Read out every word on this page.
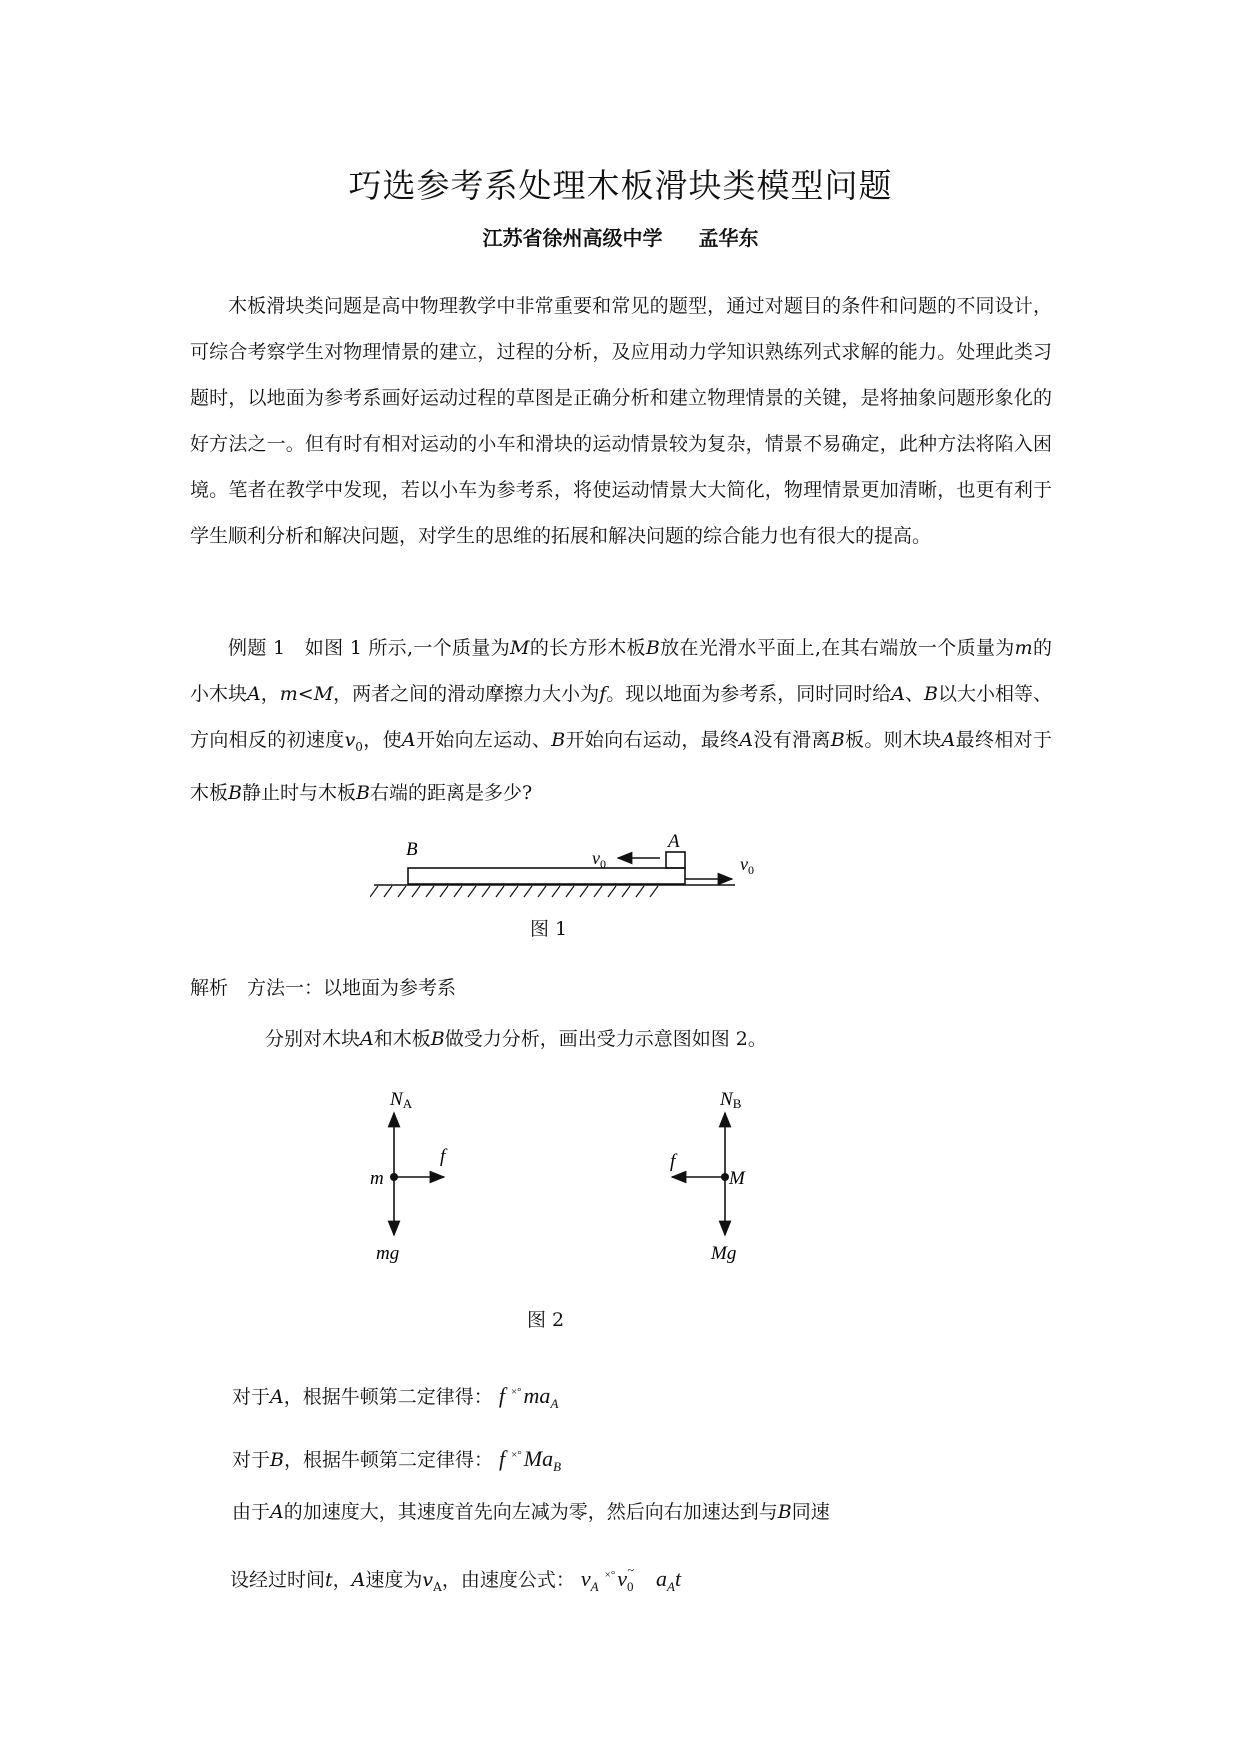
巧选参考系处理木板滑块类模型问题
江苏省徐州高级中学 孟华东

木板滑块类问题是高中物理教学中非常重要和常见的题型，通过对题目的条件和问题的不同设计，可综合考察学生对物理情景的建立，过程的分析，及应用动力学知识熟练列式求解的能力。处理此类习题时，以地面为参考系画好运动过程的草图是正确分析和建立物理情景的关键，是将抽象问题形象化的好方法之一。但有时有相对运动的小车和滑块的运动情景较为复杂，情景不易确定，此种方法将陷入困境。笔者在教学中发现，若以小车为参考系，将使运动情景大大简化，物理情景更加清晰，也更有利于学生顺利分析和解决问题，对学生的思维的拓展和解决问题的综合能力也有很大的提高。

例题 1　如图 1 所示,一个质量为M的长方形木板B放在光滑水平面上,在其右端放一个质量为m的小木块A，m<M，两者之间的滑动摩擦力大小为f。现以地面为参考系，同时同时给A、B以大小相等、方向相反的初速度$v_0$，使A开始向左运动、B开始向右运动，最终A没有滑离B板。则木块A最终相对于木板B静止时与木板B右端的距离是多少?

B	A
$v_0$	$v_0$
图 1
解析　方法一：以地面为参考系
分别对木块A和木板B做受力分析，画出受力示意图如图 2。
NA
f
m
mg
NB
f
M
Mg
图 2
对于A，根据牛顿第二定律得： f $^{\times^\circ}ma_A$
对于B，根据牛顿第二定律得： f $^{\times^\circ}Ma_B$
由于A的加速度大，其速度首先向左减为零，然后向右加速达到与B同速
设经过时间t，A速度为$v_A$，由速度公式： $v_A^{\times^\circ}v_0^\sim$ $a_At$
